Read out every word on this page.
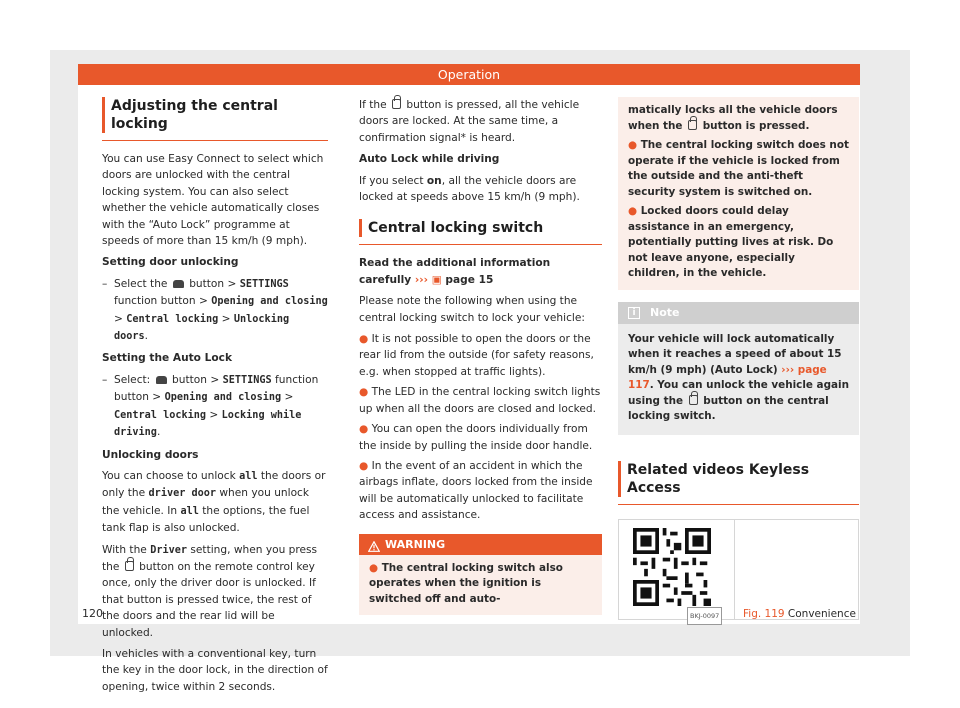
Operation
Adjusting the central locking

You can use Easy Connect to select which doors are unlocked with the central locking system. You can also select whether the vehicle automatically closes with the “Auto Lock” programme at speeds of more than 15 km/h (9 mph).

Setting door unlocking

– Select the button > SETTINGS function button > Opening and closing > Central locking > Unlocking doors.

Setting the Auto Lock

– Select: button > SETTINGS function button > Opening and closing > Central locking > Locking while driving.

Unlocking doors

You can choose to unlock all the doors or only the driver door when you unlock the vehicle. In all the options, the fuel tank flap is also unlocked.

With the Driver setting, when you press the button on the remote control key once, only the driver door is unlocked. If that button is pressed twice, the rest of the doors and the rear lid will be unlocked.

In vehicles with a conventional key, turn the key in the door lock, in the direction of opening, twice within 2 seconds.

If the button is pressed, all the vehicle doors are locked. At the same time, a confirmation signal* is heard.

Auto Lock while driving

If you select on, all the vehicle doors are locked at speeds above 15 km/h (9 mph).

Central locking switch

Read the additional information carefully ››› ▣ page 15

Please note the following when using the central locking switch to lock your vehicle:

● It is not possible to open the doors or the rear lid from the outside (for safety reasons, e.g. when stopped at traffic lights).

● The LED in the central locking switch lights up when all the doors are closed and locked.

● You can open the doors individually from the inside by pulling the inside door handle.

● In the event of an accident in which the airbags inflate, doors locked from the inside will be automatically unlocked to facilitate access and assistance.

WARNING
● The central locking switch also operates when the ignition is switched off and auto-

matically locks all the vehicle doors when the button is pressed.

● The central locking switch does not operate if the vehicle is locked from the outside and the anti-theft security system is switched on.

● Locked doors could delay assistance in an emergency, potentially putting lives at risk. Do not leave anyone, especially children, in the vehicle.

i	Note
Your vehicle will lock automatically when it reaches a speed of about 15 km/h (9 mph) (Auto Lock) ››› page 117. You can unlock the vehicle again using the button on the central locking switch.
Related videos Keyless Access
BKJ-0097 Fig. 119 Convenience
120
